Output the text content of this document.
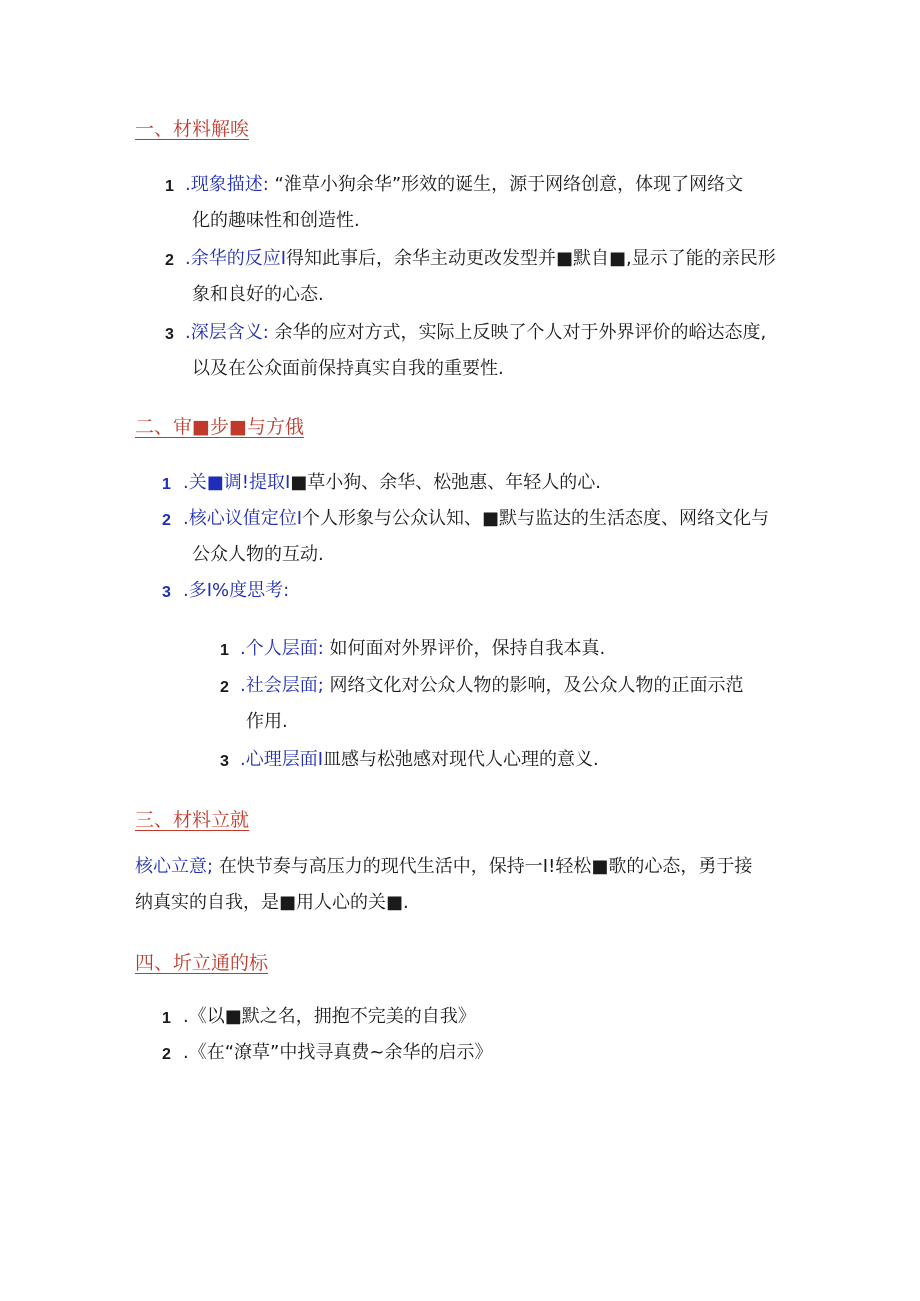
一、材料解唉
1 .现象描述: “淮草小狗余华”形效的诞生，源于网络创意，体现了网络文
化的趣味性和创造性.
2 .余华的反应I得知此事后，余华主动更改发型并■默自■,显示了能的亲民形
象和良好的心态.
3 .深层含义: 余华的应对方式，实际上反映了个人对于外界评价的峪达态度,
以及在公众面前保持真实自我的重要性.
二、审■步■与方俄
1 .关■调!提取I■草小狗、余华、松弛惠、年轻人的心.
2 .核心议值定位I个人形象与公众认知、■默与监达的生活态度、网络文化与
公众人物的互动.
3 .多I%度思考:
1 .个人层面: 如何面对外界评价，保持自我本真.
2 .社会层面; 网络文化对公众人物的影响，及公众人物的正面示范
作用.
3 .心理层面I皿感与松弛感对现代人心理的意义.
三、材料立就
核心立意; 在快节奏与高压力的现代生活中，保持一I!轻松■歌的心态，勇于接
纳真实的自我，是■用人心的关■.
四、圻立通的标
1 .《以■默之名，拥抱不完美的自我》
2 .《在“潦草”中找寻真费~余华的启示》
